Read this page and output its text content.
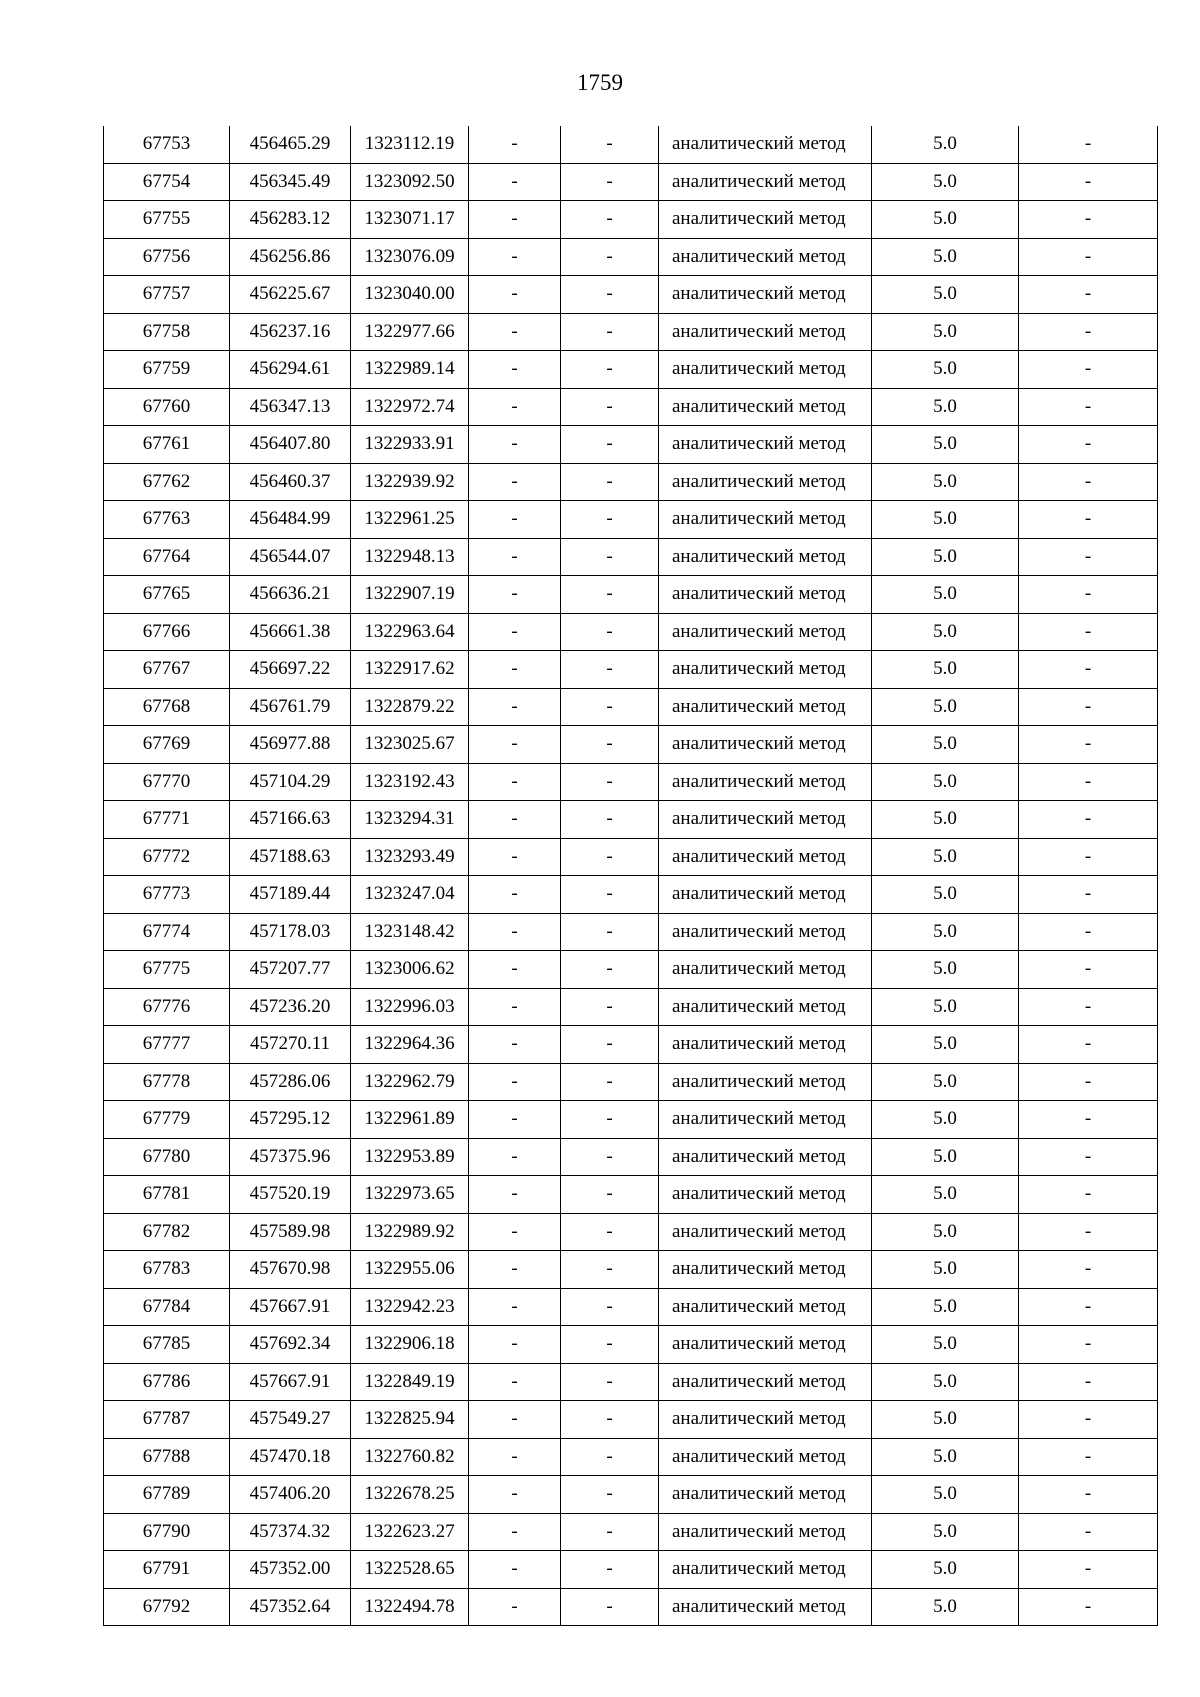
1759
67753	456465.29	1323112.19	-	-	аналитический метод	5.0	-
67754	456345.49	1323092.50	-	-	аналитический метод	5.0	-
67755	456283.12	1323071.17	-	-	аналитический метод	5.0	-
67756	456256.86	1323076.09	-	-	аналитический метод	5.0	-
67757	456225.67	1323040.00	-	-	аналитический метод	5.0	-
67758	456237.16	1322977.66	-	-	аналитический метод	5.0	-
67759	456294.61	1322989.14	-	-	аналитический метод	5.0	-
67760	456347.13	1322972.74	-	-	аналитический метод	5.0	-
67761	456407.80	1322933.91	-	-	аналитический метод	5.0	-
67762	456460.37	1322939.92	-	-	аналитический метод	5.0	-
67763	456484.99	1322961.25	-	-	аналитический метод	5.0	-
67764	456544.07	1322948.13	-	-	аналитический метод	5.0	-
67765	456636.21	1322907.19	-	-	аналитический метод	5.0	-
67766	456661.38	1322963.64	-	-	аналитический метод	5.0	-
67767	456697.22	1322917.62	-	-	аналитический метод	5.0	-
67768	456761.79	1322879.22	-	-	аналитический метод	5.0	-
67769	456977.88	1323025.67	-	-	аналитический метод	5.0	-
67770	457104.29	1323192.43	-	-	аналитический метод	5.0	-
67771	457166.63	1323294.31	-	-	аналитический метод	5.0	-
67772	457188.63	1323293.49	-	-	аналитический метод	5.0	-
67773	457189.44	1323247.04	-	-	аналитический метод	5.0	-
67774	457178.03	1323148.42	-	-	аналитический метод	5.0	-
67775	457207.77	1323006.62	-	-	аналитический метод	5.0	-
67776	457236.20	1322996.03	-	-	аналитический метод	5.0	-
67777	457270.11	1322964.36	-	-	аналитический метод	5.0	-
67778	457286.06	1322962.79	-	-	аналитический метод	5.0	-
67779	457295.12	1322961.89	-	-	аналитический метод	5.0	-
67780	457375.96	1322953.89	-	-	аналитический метод	5.0	-
67781	457520.19	1322973.65	-	-	аналитический метод	5.0	-
67782	457589.98	1322989.92	-	-	аналитический метод	5.0	-
67783	457670.98	1322955.06	-	-	аналитический метод	5.0	-
67784	457667.91	1322942.23	-	-	аналитический метод	5.0	-
67785	457692.34	1322906.18	-	-	аналитический метод	5.0	-
67786	457667.91	1322849.19	-	-	аналитический метод	5.0	-
67787	457549.27	1322825.94	-	-	аналитический метод	5.0	-
67788	457470.18	1322760.82	-	-	аналитический метод	5.0	-
67789	457406.20	1322678.25	-	-	аналитический метод	5.0	-
67790	457374.32	1322623.27	-	-	аналитический метод	5.0	-
67791	457352.00	1322528.65	-	-	аналитический метод	5.0	-
67792	457352.64	1322494.78	-	-	аналитический метод	5.0	-
